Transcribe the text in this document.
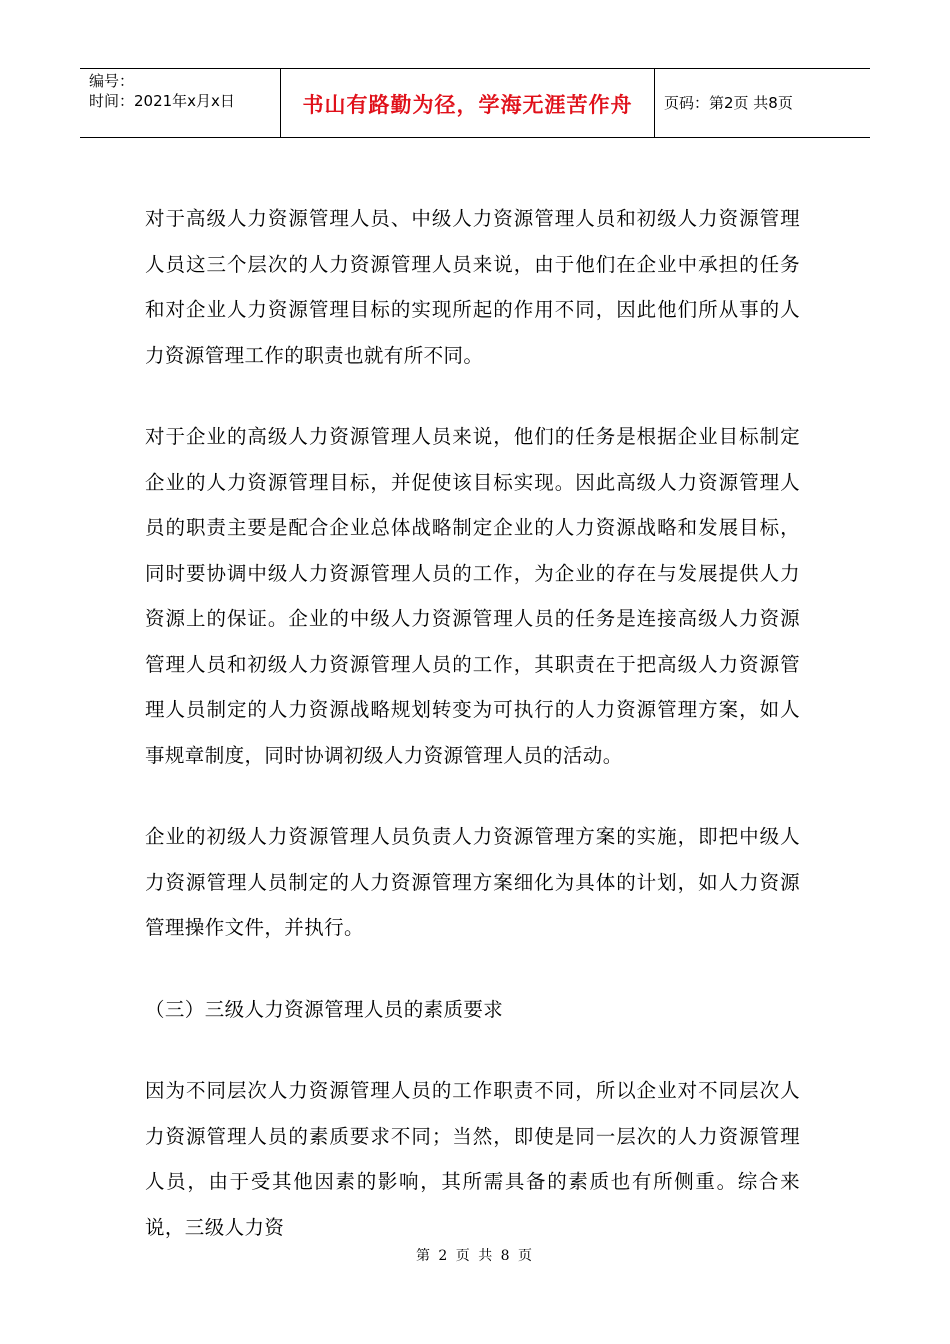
编号：
时间：2021年x月x日	书山有路勤为径，学海无涯苦作舟	页码：第2页 共8页

对于高级人力资源管理人员、中级人力资源管理人员和初级人力资源管理人员这三个层次的人力资源管理人员来说，由于他们在企业中承担的任务和对企业人力资源管理目标的实现所起的作用不同，因此他们所从事的人力资源管理工作的职责也就有所不同。

对于企业的高级人力资源管理人员来说，他们的任务是根据企业目标制定企业的人力资源管理目标，并促使该目标实现。因此高级人力资源管理人员的职责主要是配合企业总体战略制定企业的人力资源战略和发展目标，同时要协调中级人力资源管理人员的工作，为企业的存在与发展提供人力资源上的保证。企业的中级人力资源管理人员的任务是连接高级人力资源管理人员和初级人力资源管理人员的工作，其职责在于把高级人力资源管理人员制定的人力资源战略规划转变为可执行的人力资源管理方案，如人事规章制度，同时协调初级人力资源管理人员的活动。

企业的初级人力资源管理人员负责人力资源管理方案的实施，即把中级人力资源管理人员制定的人力资源管理方案细化为具体的计划，如人力资源管理操作文件，并执行。

（三）三级人力资源管理人员的素质要求

因为不同层次人力资源管理人员的工作职责不同，所以企业对不同层次人力资源管理人员的素质要求不同；当然，即使是同一层次的人力资源管理人员，由于受其他因素的影响，其所需具备的素质也有所侧重。综合来说，三级人力资

第 2 页 共 8 页
